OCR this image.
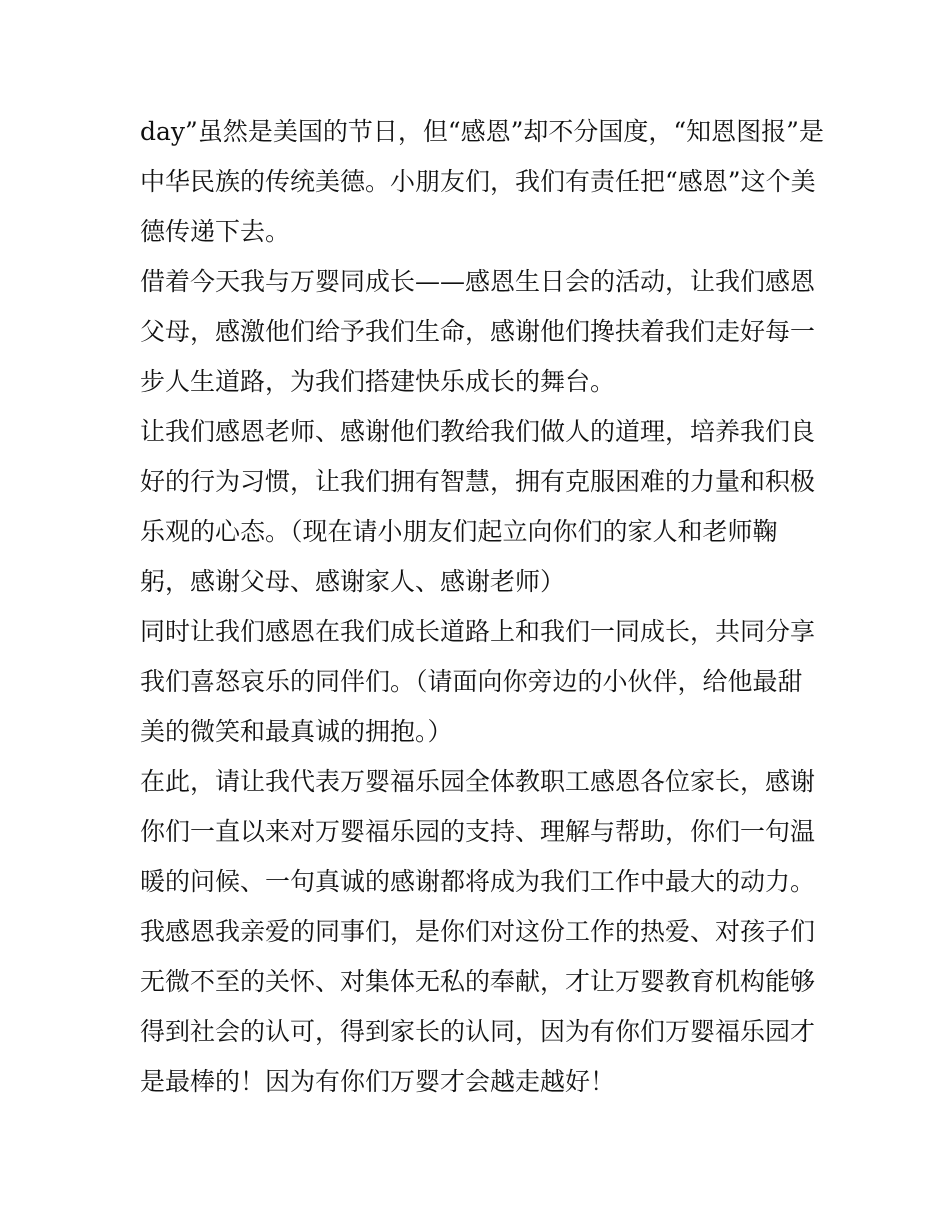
day”虽然是美国的节日，但“感恩”却不分国度，“知恩图报”是
中华民族的传统美德。小朋友们，我们有责任把“感恩”这个美
德传递下去。
借着今天我与万婴同成长——感恩生日会的活动，让我们感恩
父母，感激他们给予我们生命，感谢他们搀扶着我们走好每一
步人生道路，为我们搭建快乐成长的舞台。
让我们感恩老师、感谢他们教给我们做人的道理，培养我们良
好的行为习惯，让我们拥有智慧，拥有克服困难的力量和积极
乐观的心态。（现在请小朋友们起立向你们的家人和老师鞠
躬，感谢父母、感谢家人、感谢老师）
同时让我们感恩在我们成长道路上和我们一同成长，共同分享
我们喜怒哀乐的同伴们。（请面向你旁边的小伙伴，给他最甜
美的微笑和最真诚的拥抱。）
在此，请让我代表万婴福乐园全体教职工感恩各位家长，感谢
你们一直以来对万婴福乐园的支持、理解与帮助，你们一句温
暖的问候、一句真诚的感谢都将成为我们工作中最大的动力。
我感恩我亲爱的同事们，是你们对这份工作的热爱、对孩子们
无微不至的关怀、对集体无私的奉献，才让万婴教育机构能够
得到社会的认可，得到家长的认同，因为有你们万婴福乐园才
是最棒的！因为有你们万婴才会越走越好！
